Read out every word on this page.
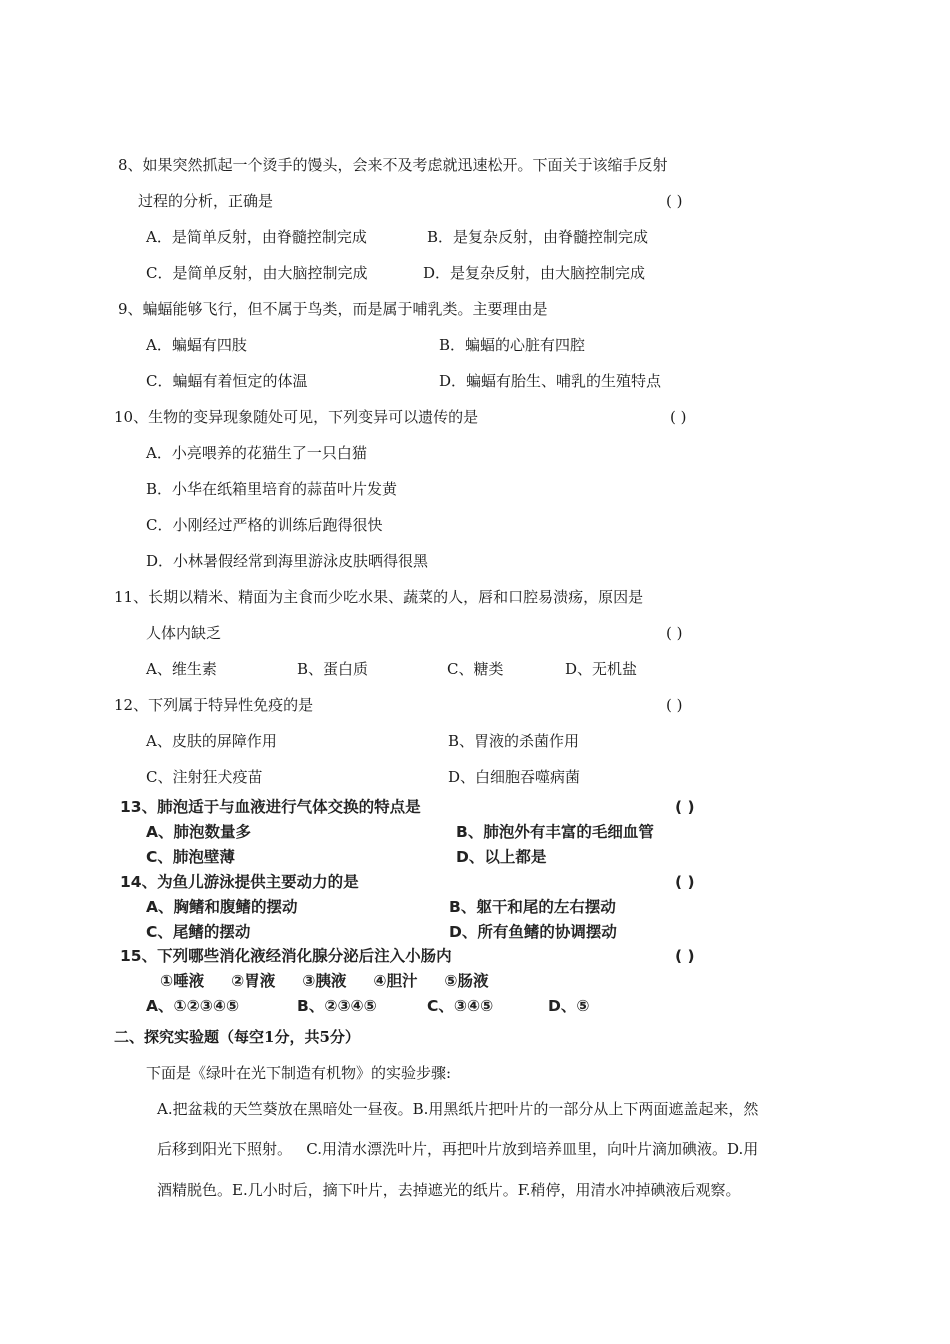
8、如果突然抓起一个烫手的馒头，会来不及考虑就迅速松开。下面关于该缩手反射
过程的分析，正确是	( )
A．是简单反射，由脊髓控制完成	B．是复杂反射，由脊髓控制完成
C．是简单反射，由大脑控制完成	D．是复杂反射，由大脑控制完成
9、蝙蝠能够飞行，但不属于鸟类，而是属于哺乳类。主要理由是
A．蝙蝠有四肢	B．蝙蝠的心脏有四腔
C．蝙蝠有着恒定的体温	D．蝙蝠有胎生、哺乳的生殖特点
10、生物的变异现象随处可见，下列变异可以遗传的是	( )
A．小亮喂养的花猫生了一只白猫
B．小华在纸箱里培育的蒜苗叶片发黄
C．小刚经过严格的训练后跑得很快
D．小林暑假经常到海里游泳皮肤晒得很黑
11、长期以精米、精面为主食而少吃水果、蔬菜的人，唇和口腔易溃疡，原因是
人体内缺乏	( )
A、维生素	B、蛋白质	C、糖类	D、无机盐
12、下列属于特异性免疫的是	( )
A、皮肤的屏障作用	B、胃液的杀菌作用
C、注射狂犬疫苗	D、白细胞吞噬病菌
13、肺泡适于与血液进行气体交换的特点是	( )
A、肺泡数量多	B、肺泡外有丰富的毛细血管
C、肺泡壁薄	D、以上都是
14、为鱼儿游泳提供主要动力的是	( )
A、胸鳍和腹鳍的摆动	B、躯干和尾的左右摆动
C、尾鳍的摆动	D、所有鱼鳍的协调摆动
15、下列哪些消化液经消化腺分泌后注入小肠内	( )
①唾液     ②胃液     ③胰液     ④胆汁     ⑤肠液
A、①②③④⑤	B、②③④⑤	C、③④⑤	D、⑤
二、探究实验题（每空1分，共5分）
下面是《绿叶在光下制造有机物》的实验步骤:
A.把盆栽的天竺葵放在黑暗处一昼夜。B.用黑纸片把叶片的一部分从上下两面遮盖起来，然
后移到阳光下照射。   C.用清水漂洗叶片，再把叶片放到培养皿里，向叶片滴加碘液。D.用
酒精脱色。E.几小时后，摘下叶片，去掉遮光的纸片。F.稍停，用清水冲掉碘液后观察。
